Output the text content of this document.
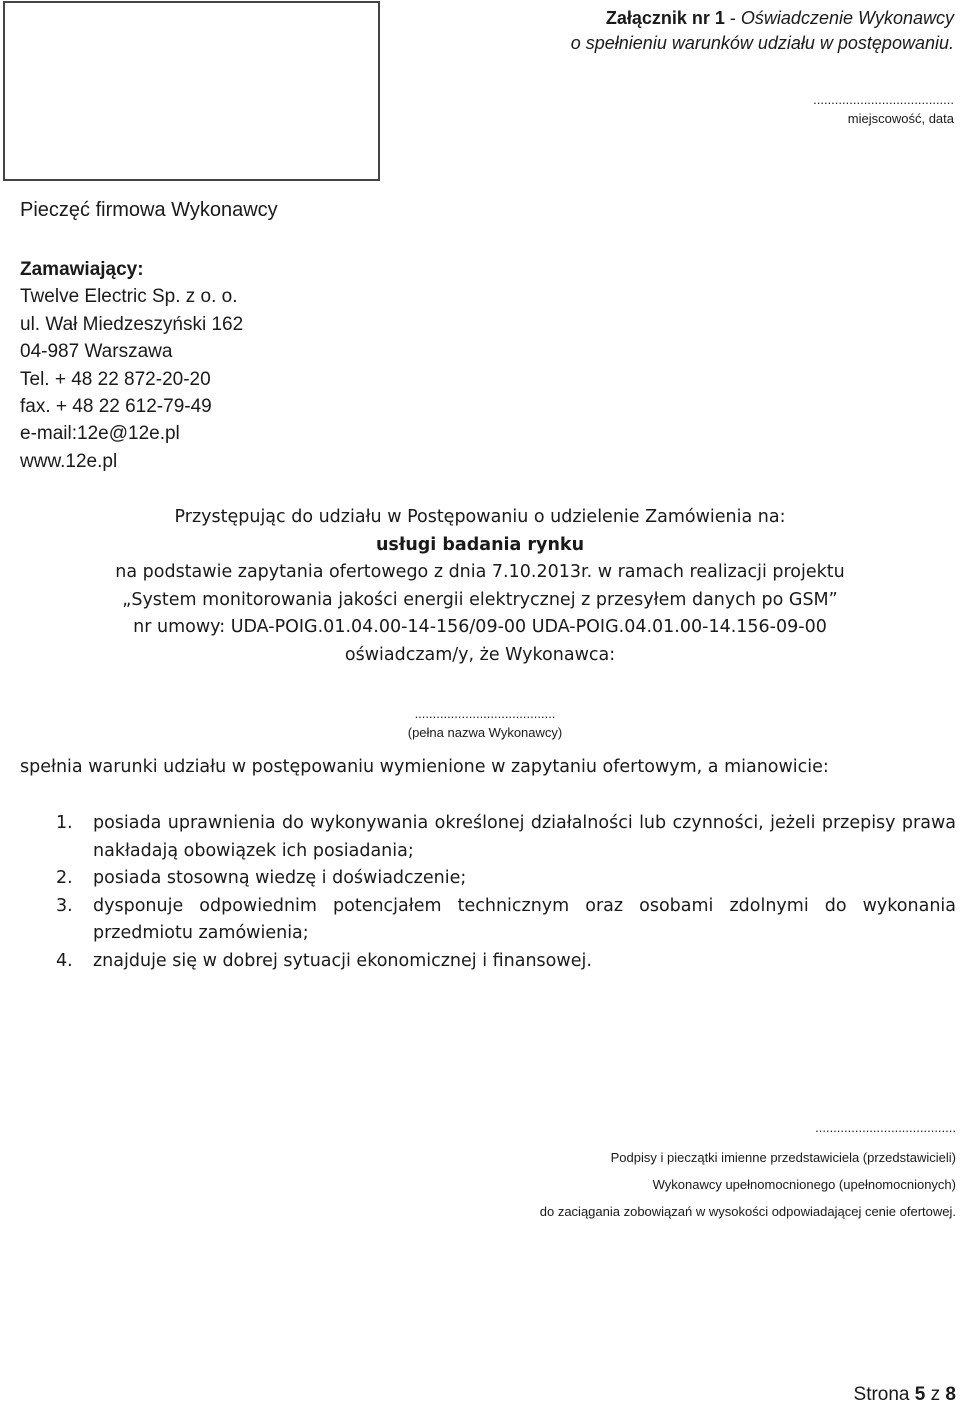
Załącznik nr 1 - Oświadczenie Wykonawcy
o spełnieniu warunków udziału w postępowaniu.
.......................................
miejscowość, data
Pieczęć firmowa Wykonawcy
Zamawiający:
Twelve Electric Sp. z o. o.
ul. Wał Miedzeszyński 162
04-987 Warszawa
Tel. + 48 22 872-20-20
fax. + 48 22 612-79-49
e-mail:12e@12e.pl
www.12e.pl
Przystępując do udziału w Postępowaniu o udzielenie Zamówienia na:
usługi badania rynku
na podstawie zapytania ofertowego z dnia 7.10.2013r. w ramach realizacji projektu
„System monitorowania jakości energii elektrycznej z przesyłem danych po GSM”
nr umowy: UDA-POIG.01.04.00-14-156/09-00 UDA-POIG.04.01.00-14.156-09-00
oświadczam/y, że Wykonawca:
.......................................
(pełna nazwa Wykonawcy)
spełnia warunki udziału w postępowaniu wymienione w zapytaniu ofertowym, a mianowicie:
1. posiada uprawnienia do wykonywania określonej działalności lub czynności, jeżeli przepisy prawa nakładają obowiązek ich posiadania;
2. posiada stosowną wiedzę i doświadczenie;
3. dysponuje odpowiednim potencjałem technicznym oraz osobami zdolnymi do wykonania przedmiotu zamówienia;
4. znajduje się w dobrej sytuacji ekonomicznej i finansowej.
.......................................
Podpisy i pieczątki imienne przedstawiciela (przedstawicieli)
Wykonawcy upełnomocnionego (upełnomocnionych)
do zaciągania zobowiązań w wysokości odpowiadającej cenie ofertowej.
Strona 5 z 8
